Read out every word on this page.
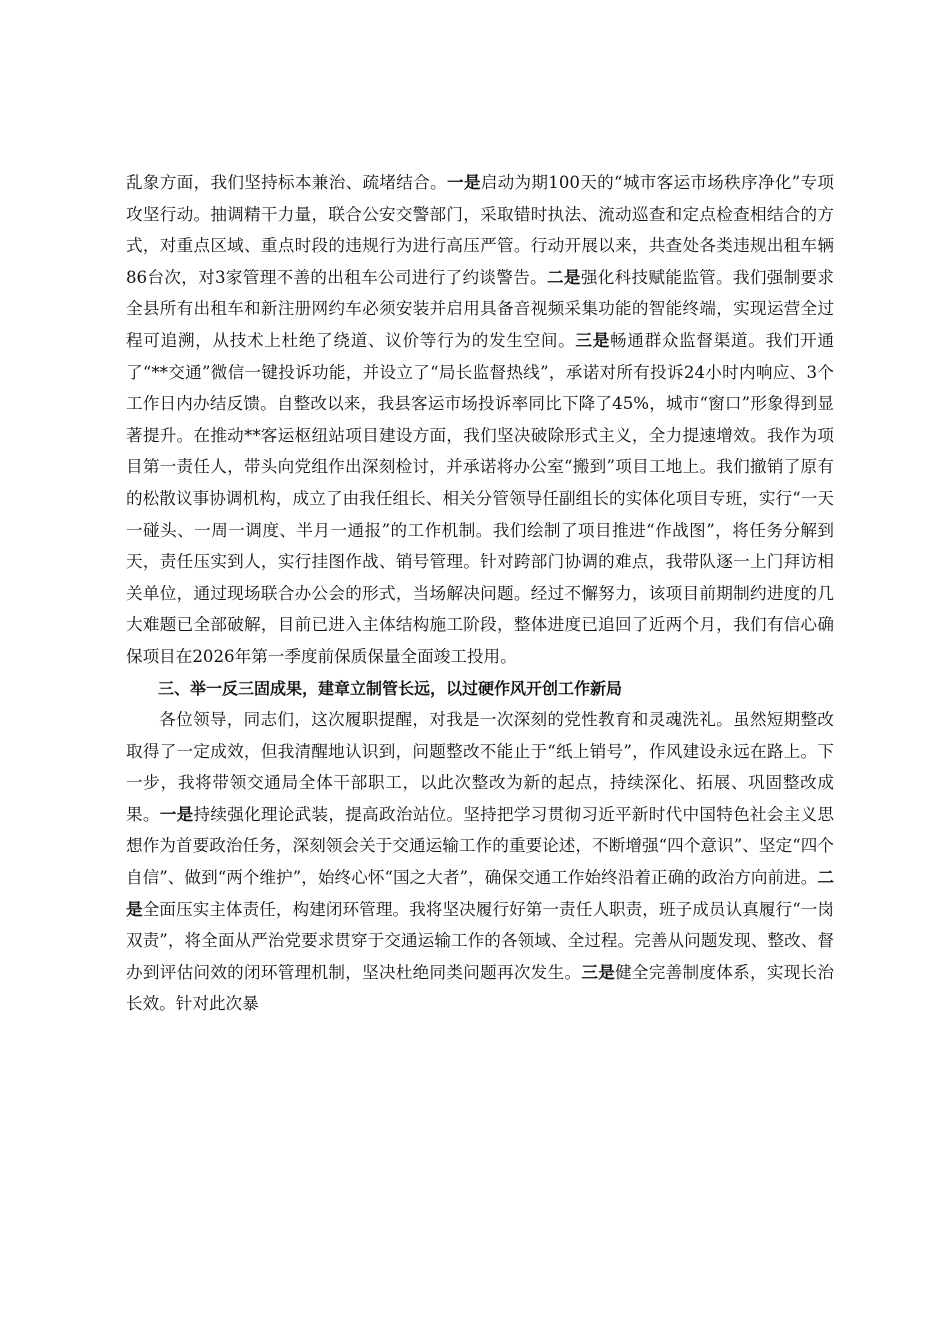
乱象方面，我们坚持标本兼治、疏堵结合。一是启动为期100天的“城市客运市场秩序净化”专项攻坚行动。抽调精干力量，联合公安交警部门，采取错时执法、流动巡查和定点检查相结合的方式，对重点区域、重点时段的违规行为进行高压严管。行动开展以来，共查处各类违规出租车辆86台次，对3家管理不善的出租车公司进行了约谈警告。二是强化科技赋能监管。我们强制要求全县所有出租车和新注册网约车必须安装并启用具备音视频采集功能的智能终端，实现运营全过程可追溯，从技术上杜绝了绕道、议价等行为的发生空间。三是畅通群众监督渠道。我们开通了“**交通”微信一键投诉功能，并设立了“局长监督热线”，承诺对所有投诉24小时内响应、3个工作日内办结反馈。自整改以来，我县客运市场投诉率同比下降了45%，城市“窗口”形象得到显著提升。在推动**客运枢纽站项目建设方面，我们坚决破除形式主义，全力提速增效。我作为项目第一责任人，带头向党组作出深刻检讨，并承诺将办公室“搬到”项目工地上。我们撤销了原有的松散议事协调机构，成立了由我任组长、相关分管领导任副组长的实体化项目专班，实行“一天一碰头、一周一调度、半月一通报”的工作机制。我们绘制了项目推进“作战图”，将任务分解到天，责任压实到人，实行挂图作战、销号管理。针对跨部门协调的难点，我带队逐一上门拜访相关单位，通过现场联合办公会的形式，当场解决问题。经过不懈努力，该项目前期制约进度的几大难题已全部破解，目前已进入主体结构施工阶段，整体进度已追回了近两个月，我们有信心确保项目在2026年第一季度前保质保量全面竣工投用。

三、举一反三固成果，建章立制管长远，以过硬作风开创工作新局

各位领导，同志们，这次履职提醒，对我是一次深刻的党性教育和灵魂洗礼。虽然短期整改取得了一定成效，但我清醒地认识到，问题整改不能止于“纸上销号”，作风建设永远在路上。下一步，我将带领交通局全体干部职工，以此次整改为新的起点，持续深化、拓展、巩固整改成果。一是持续强化理论武装，提高政治站位。坚持把学习贯彻习近平新时代中国特色社会主义思想作为首要政治任务，深刻领会关于交通运输工作的重要论述，不断增强“四个意识”、坚定“四个自信”、做到“两个维护”，始终心怀“国之大者”，确保交通工作始终沿着正确的政治方向前进。二是全面压实主体责任，构建闭环管理。我将坚决履行好第一责任人职责，班子成员认真履行“一岗双责”，将全面从严治党要求贯穿于交通运输工作的各领域、全过程。完善从问题发现、整改、督办到评估问效的闭环管理机制，坚决杜绝同类问题再次发生。三是健全完善制度体系，实现长治长效。针对此次暴
